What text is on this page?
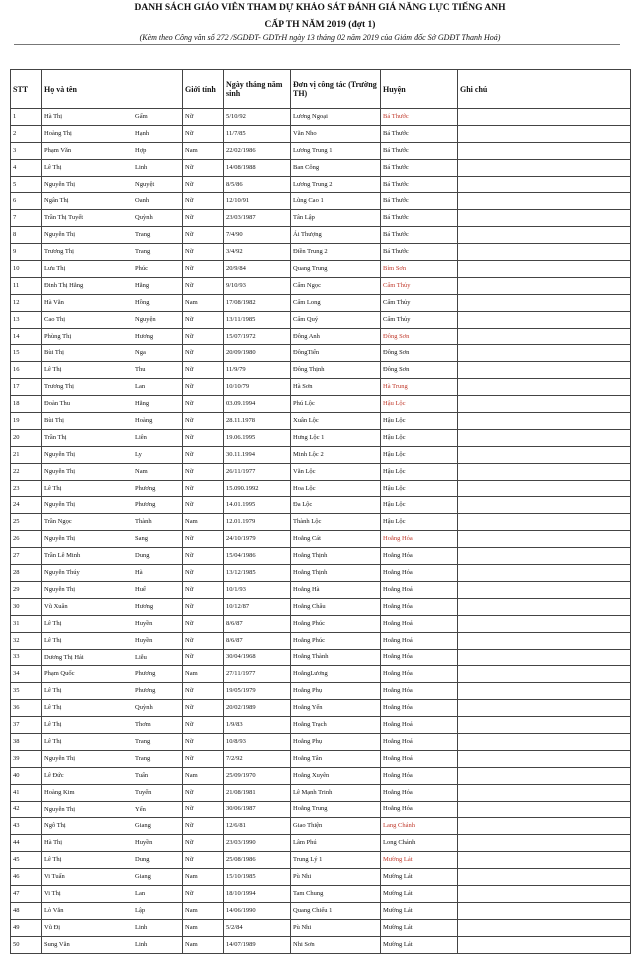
DANH SÁCH GIÁO VIÊN THAM DỰ KHẢO SÁT ĐÁNH GIÁ NĂNG LỰC TIẾNG ANH
CẤP TH NĂM 2019 (đợt 1)
(Kèm theo Công văn số 272 /SGDĐT- GDTrH ngày 13 tháng 02 năm 2019 của Giám đốc Sở GDĐT Thanh Hoá)
STT	Họ và tên	Giới tính	Ngày tháng năm sinh	Đơn vị công tác (Trường TH)	Huyện	Ghi chú
1	Hà Thị Gấm	Nữ	5/10/92	Lương Ngoại	Bá Thước	
2	Hoàng Thị Hạnh	Nữ	11/7/85	Văn Nho	Bá Thước	
3	Phạm Văn Hợp	Nam	22/02/1986	Lương Trung 1	Bá Thước	
4	Lê Thị Linh	Nữ	14/08/1988	Ban Công	Bá Thước	
5	Nguyễn Thị Nguyệt	Nữ	8/5/86	Lương Trung 2	Bá Thước	
6	Ngân Thị Oanh	Nữ	12/10/91	Lũng Cao 1	Bá Thước	
7	Trần Thị Tuyết Quỳnh	Nữ	23/03/1987	Tân Lập	Bá Thước	
8	Nguyễn Thị Trang	Nữ	7/4/90	Ái Thượng	Bá Thước	
9	Trương Thị Trang	Nữ	3/4/92	Điền Trung 2	Bá Thước	
10	Lưu Thị Phúc	Nữ	20/9/84	Quang Trung	Bỉm Sơn	
11	Đinh Thị Hằng Hằng	Nữ	9/10/93	Cẩm Ngọc	Cẩm Thủy	
12	Hà Văn Hồng	Nam	17/08/1982	Cẩm Long	Cẩm Thủy	
13	Cao Thị Nguyện	Nữ	13/11/1985	Cẩm Quý	Cẩm Thủy	
14	Phùng Thị Hương	Nữ	15/07/1972	Đông Anh	Đông Sơn	
15	Bùi Thị Nga	Nữ	20/09/1980	ĐôngTiến	Đông Sơn	
16	Lê Thị Thu	Nữ	11/9/79	Đông Thịnh	Đông Sơn	
17	Trương Thị Lan	Nữ	10/10/79	Hà Sơn	Hà Trung	
18	Đoàn Thu Hằng	Nữ	03.09.1994	Phú Lộc	Hậu Lộc	
19	Bùi Thị Hoàng	Nữ	28.11.1978	Xuân Lộc	Hậu Lộc	
20	Trần Thị Liên	Nữ	19.06.1995	Hưng Lộc 1	Hậu Lộc	
21	Nguyễn Thị Ly	Nữ	30.11.1994	Minh Lộc 2	Hậu Lộc	
22	Nguyễn Thị Nam	Nữ	26/11/1977	Văn Lộc	Hậu Lộc	
23	Lê Thị Phương	Nữ	15.090.1992	Hoa Lộc	Hậu Lộc	
24	Nguyễn Thị Phương	Nữ	14.01.1995	Đa Lộc	Hậu Lộc	
25	Trần Ngọc Thành	Nam	12.01.1979	Thành Lộc	Hậu Lộc	
26	Nguyễn Thị Sang	Nữ	24/10/1979	Hoằng Cát	Hoằng Hóa	
27	Trần Lê Minh Dung	Nữ	15/04/1986	Hoằng Thịnh	Hoằng Hóa	
28	Nguyễn Thúy Hà	Nữ	13/12/1985	Hoằng Thịnh	Hoằng Hóa	
29	Nguyễn Thị Huế	Nữ	10/1/93	Hoằng Hà	Hoằng Hoá	
30	Vũ Xuân Hương	Nữ	10/12/87	Hoằng Châu	Hoằng Hóa	
31	Lê Thị Huyền	Nữ	8/6/87	Hoằng Phúc	Hoằng Hoá	
32	Lê Thị Huyền	Nữ	8/6/87	Hoằng Phúc	Hoằng Hoá	
33	Dương Thị Hải Liễu	Nữ	30/04/1968	Hoằng Thành	Hoằng Hóa	
34	Phạm Quốc Phương	Nam	27/11/1977	HoằngLương	Hoằng Hóa	
35	Lê Thị Phương	Nữ	19/05/1979	Hoằng Phụ	Hoằng Hóa	
36	Lê Thị Quỳnh	Nữ	20/02/1989	Hoằng Yến	Hoằng Hóa	
37	Lê Thị Thơm	Nữ	1/9/83	Hoằng Trạch	Hoằng Hoá	
38	Lê Thị Trang	Nữ	10/8/93	Hoằng Phụ	Hoằng Hoá	
39	Nguyễn Thị Trang	Nữ	7/2/92	Hoằng Tân	Hoằng Hoá	
40	Lê Đức Tuấn	Nam	25/09/1970	Hoằng Xuyên	Hoằng Hóa	
41	Hoàng Kim Tuyến	Nữ	21/08/1981	Lê Mạnh Trinh	Hoằng Hóa	
42	Nguyễn Thị Yến	Nữ	30/06/1987	Hoằng Trung	Hoằng Hóa	
43	Ngô Thị Giang	Nữ	12/6/81	Giao Thiện	Lang Chánh	
44	Hà Thị Huyền	Nữ	23/03/1990	Lâm Phú	Long Chánh	
45	Lê Thị Dung	Nữ	25/08/1986	Trung Lý 1	Mường Lát	
46	Vi Tuấn Giang	Nam	15/10/1985	Pù Nhi	Mường Lát	
47	Vi Thị Lan	Nữ	18/10/1994	Tam Chung	Mường Lát	
48	Lò Văn Lập	Nam	14/06/1990	Quang Chiểu 1	Mường Lát	
49	Vũ Đị Linh	Nam	5/2/84	Pù Nhi	Mường Lát	
50	Sung Văn Linh	Nam	14/07/1989	Nhi Sơn	Mường Lát	
